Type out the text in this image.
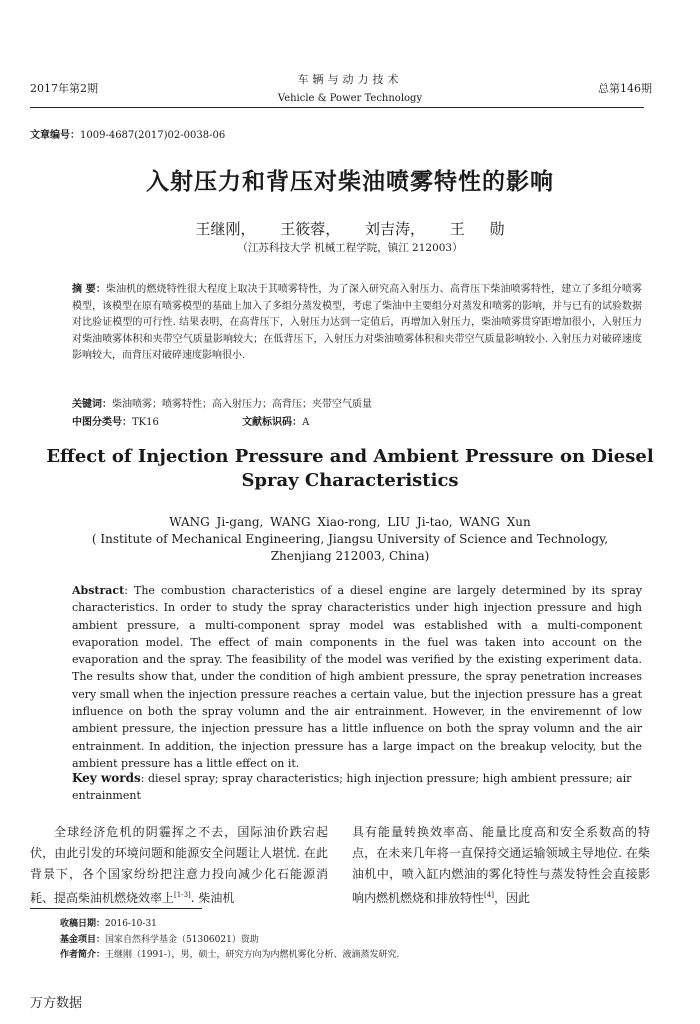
2017年第2期
车辆与动力技术
Vehicle & Power Technology
总第146期
文章编号：1009-4687(2017)02-0038-06
入射压力和背压对柴油喷雾特性的影响
王继刚， 王筱蓉， 刘吉涛， 王 勋
（江苏科技大学 机械工程学院，镇江 212003）
摘 要：柴油机的燃烧特性很大程度上取决于其喷雾特性，为了深入研究高入射压力、高背压下柴油喷雾特性，建立了多组分喷雾模型，该模型在原有喷雾模型的基础上加入了多组分蒸发模型，考虑了柴油中主要组分对蒸发和喷雾的影响，并与已有的试验数据对比验证模型的可行性. 结果表明，在高背压下，入射压力达到一定值后，再增加入射压力，柴油喷雾贯穿距增加很小，入射压力对柴油喷雾体积和夹带空气质量影响较大；在低背压下，入射压力对柴油喷雾体积和夹带空气质量影响较小. 入射压力对破碎速度影响较大，而背压对破碎速度影响很小.
关键词：柴油喷雾；喷雾特性；高入射压力；高背压；夹带空气质量
中图分类号：TK16	文献标识码：A
Effect of Injection Pressure and Ambient Pressure on Diesel
Spray Characteristics
WANG Ji-gang, WANG Xiao-rong, LIU Ji-tao, WANG Xun
( Institute of Mechanical Engineering, Jiangsu University of Science and Technology,
Zhenjiang 212003, China)
Abstract: The combustion characteristics of a diesel engine are largely determined by its spray characteristics. In order to study the spray characteristics under high injection pressure and high ambient pressure, a multi-component spray model was established with a multi-component evaporation model. The effect of main components in the fuel was taken into account on the evaporation and the spray. The feasibility of the model was verified by the existing experiment data. The results show that, under the condition of high ambient pressure, the spray penetration increases very small when the injection pressure reaches a certain value, but the injection pressure has a great influence on both the spray volumn and the air entrainment. However, in the enviremennt of low ambient pressure, the injection pressure has a little influence on both the spray volumn and the air entrainment. In addition, the injection pressure has a large impact on the breakup velocity, but the ambient pressure has a little effect on it.
Key words: diesel spray; spray characteristics; high injection pressure; high ambient pressure; air entrainment
全球经济危机的阴霾挥之不去，国际油价跌宕起伏，由此引发的环境问题和能源安全问题让人堪忧. 在此背景下，各个国家纷纷把注意力投向减少化石能源消耗、提高柴油机燃烧效率上[1-3]. 柴油机
具有能量转换效率高、能量比度高和安全系数高的特点，在未来几年将一直保持交通运输领域主导地位. 在柴油机中，喷入缸内燃油的雾化特性与蒸发特性会直接影响内燃机燃烧和排放特性[4]，因此
收稿日期：2016-10-31
基金项目：国家自然科学基金（51306021）资助
作者简介：王继刚（1991-），男，硕士，研究方向为内燃机雾化分析、液滴蒸发研究.
万方数据
